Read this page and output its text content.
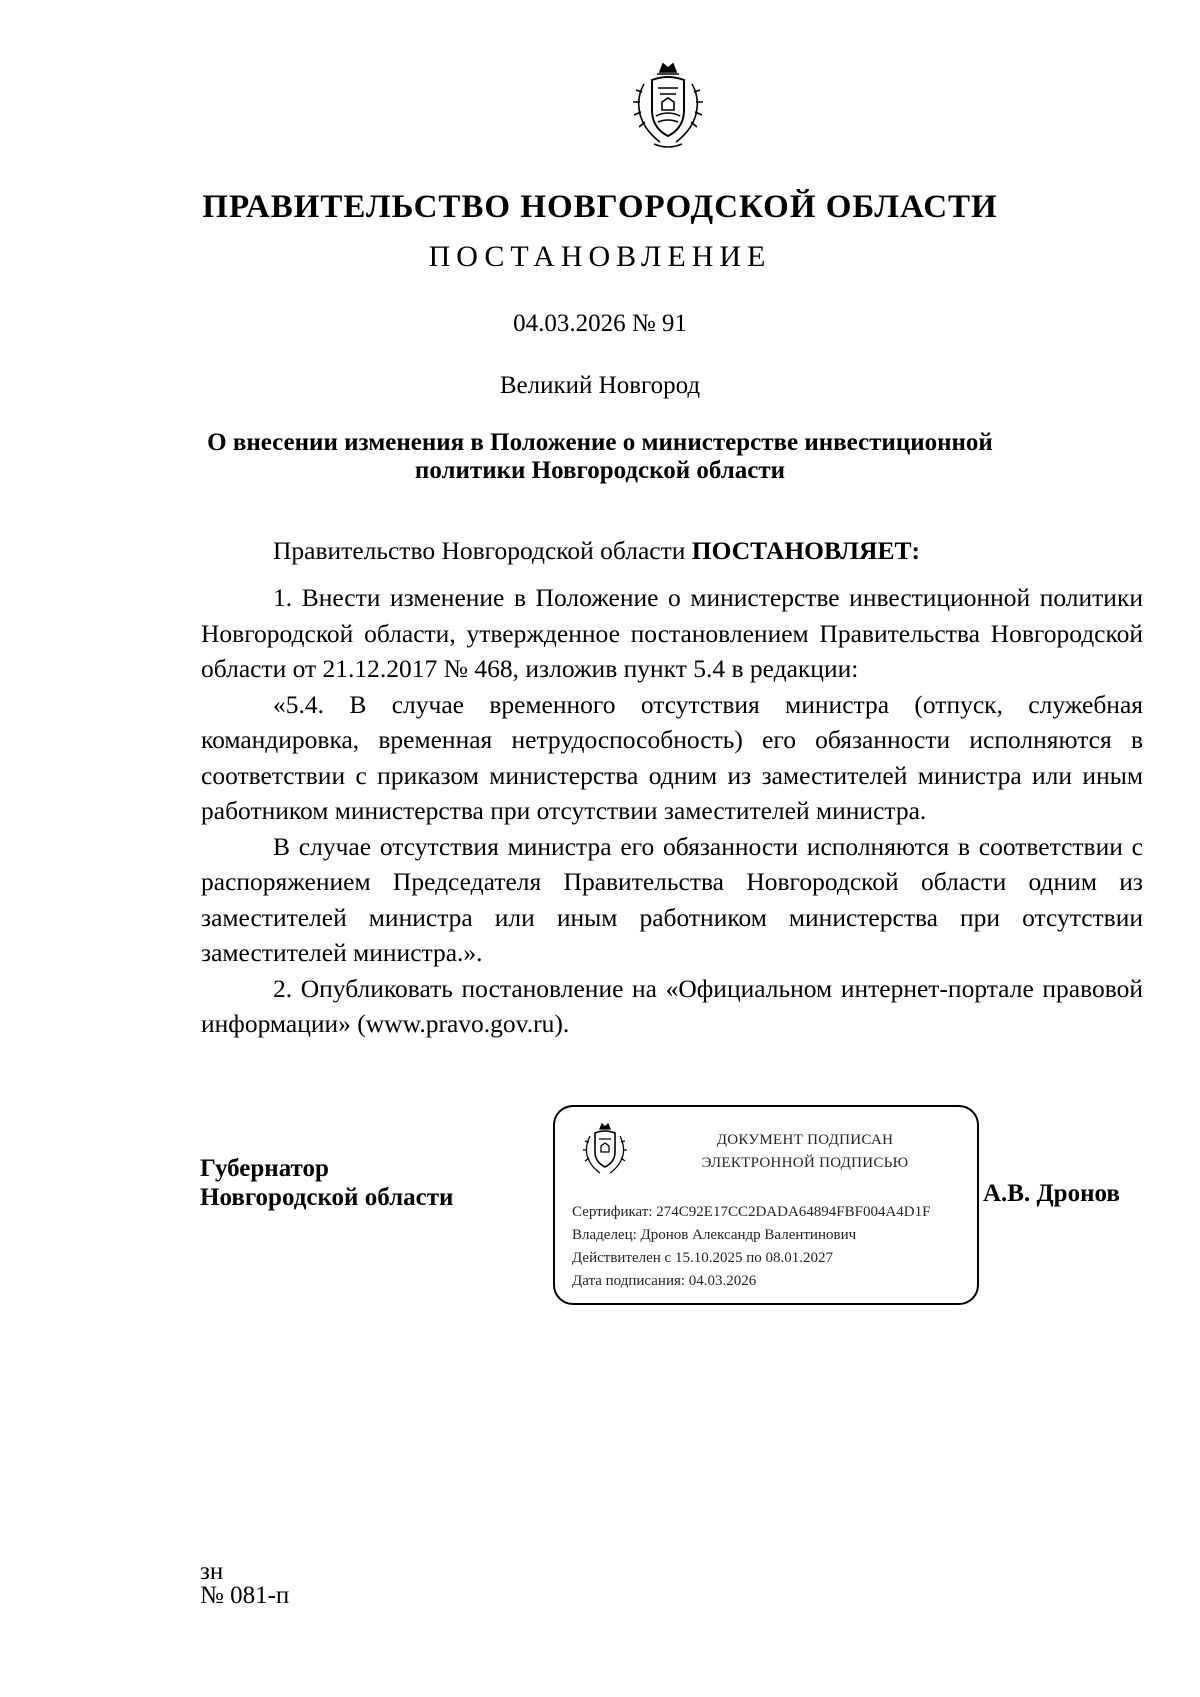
ПРАВИТЕЛЬСТВО НОВГОРОДСКОЙ ОБЛАСТИ
ПОСТАНОВЛЕНИЕ
04.03.2026 № 91
Великий Новгород
О внесении изменения в Положение о министерстве инвестиционной
политики Новгородской области

Правительство Новгородской области ПОСТАНОВЛЯЕТ:

1. Внести изменение в Положение о министерстве инвестиционной политики Новгородской области, утвержденное постановлением Правительства Новгородской области от 21.12.2017 № 468, изложив пункт 5.4 в редакции:

«5.4. В случае временного отсутствия министра (отпуск, служебная командировка, временная нетрудоспособность) его обязанности исполняются в соответствии с приказом министерства одним из заместителей министра или иным работником министерства при отсутствии заместителей министра.

В случае отсутствия министра его обязанности исполняются в соответствии с распоряжением Председателя Правительства Новгородской области одним из заместителей министра или иным работником министерства при отсутствии заместителей министра.».

2. Опубликовать постановление на «Официальном интернет-портале правовой информации» (www.pravo.gov.ru).

Губернатор
Новгородской области
ДОКУМЕНТ ПОДПИСАН
ЭЛЕКТРОННОЙ ПОДПИСЬЮ
Сертификат: 274C92E17CC2DADA64894FBF004A4D1F
Владелец: Дронов Александр Валентинович
Действителен с 15.10.2025 по 08.01.2027
Дата подписания: 04.03.2026
А.В. Дронов
зн
№ 081-п
